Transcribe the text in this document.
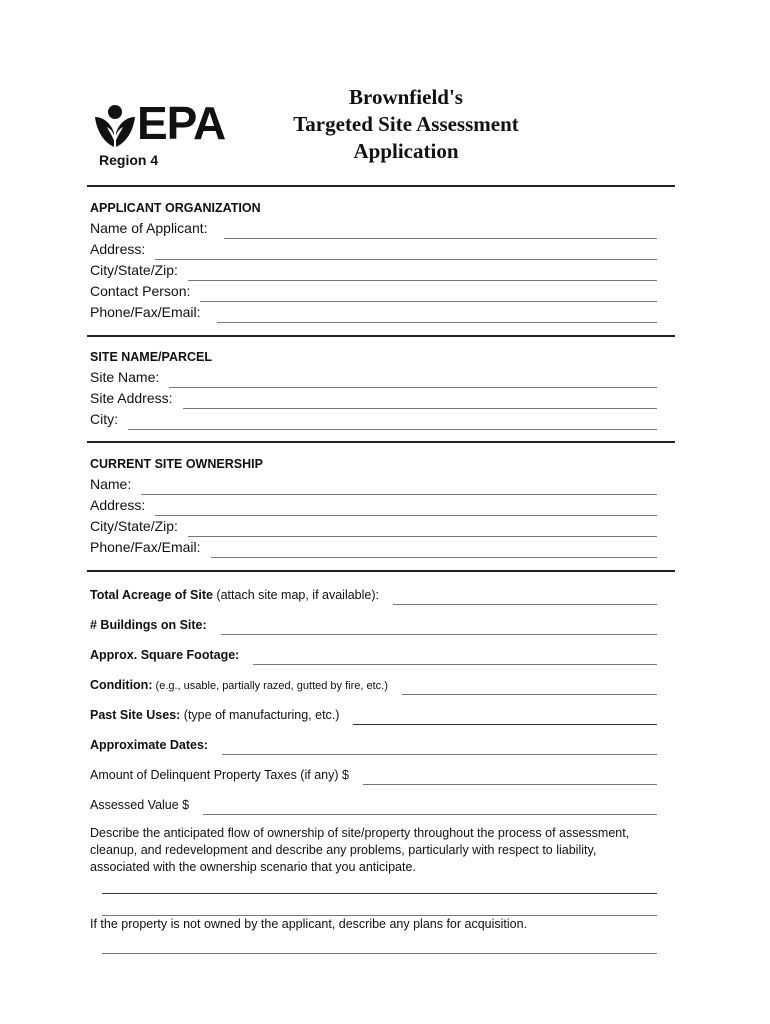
EPA
Region 4
Brownfield's
Targeted Site Assessment
Application
APPLICANT ORGANIZATION
Name of Applicant:
Address:
City/State/Zip:
Contact Person:
Phone/Fax/Email:
SITE NAME/PARCEL
Site Name:
Site Address:
City:
CURRENT SITE OWNERSHIP
Name:
Address:
City/State/Zip:
Phone/Fax/Email:
Total Acreage of Site (attach site map, if available):
# Buildings on Site:
Approx. Square Footage:
Condition: (e.g., usable, partially razed, gutted by fire, etc.)
Past Site Uses: (type of manufacturing, etc.)
Approximate Dates:
Amount of Delinquent Property Taxes (if any) $
Assessed Value $
Describe the anticipated flow of ownership of site/property throughout the process of assessment, cleanup, and redevelopment and describe any problems, particularly with respect to liability, associated with the ownership scenario that you anticipate.
If the property is not owned by the applicant, describe any plans for acquisition.
